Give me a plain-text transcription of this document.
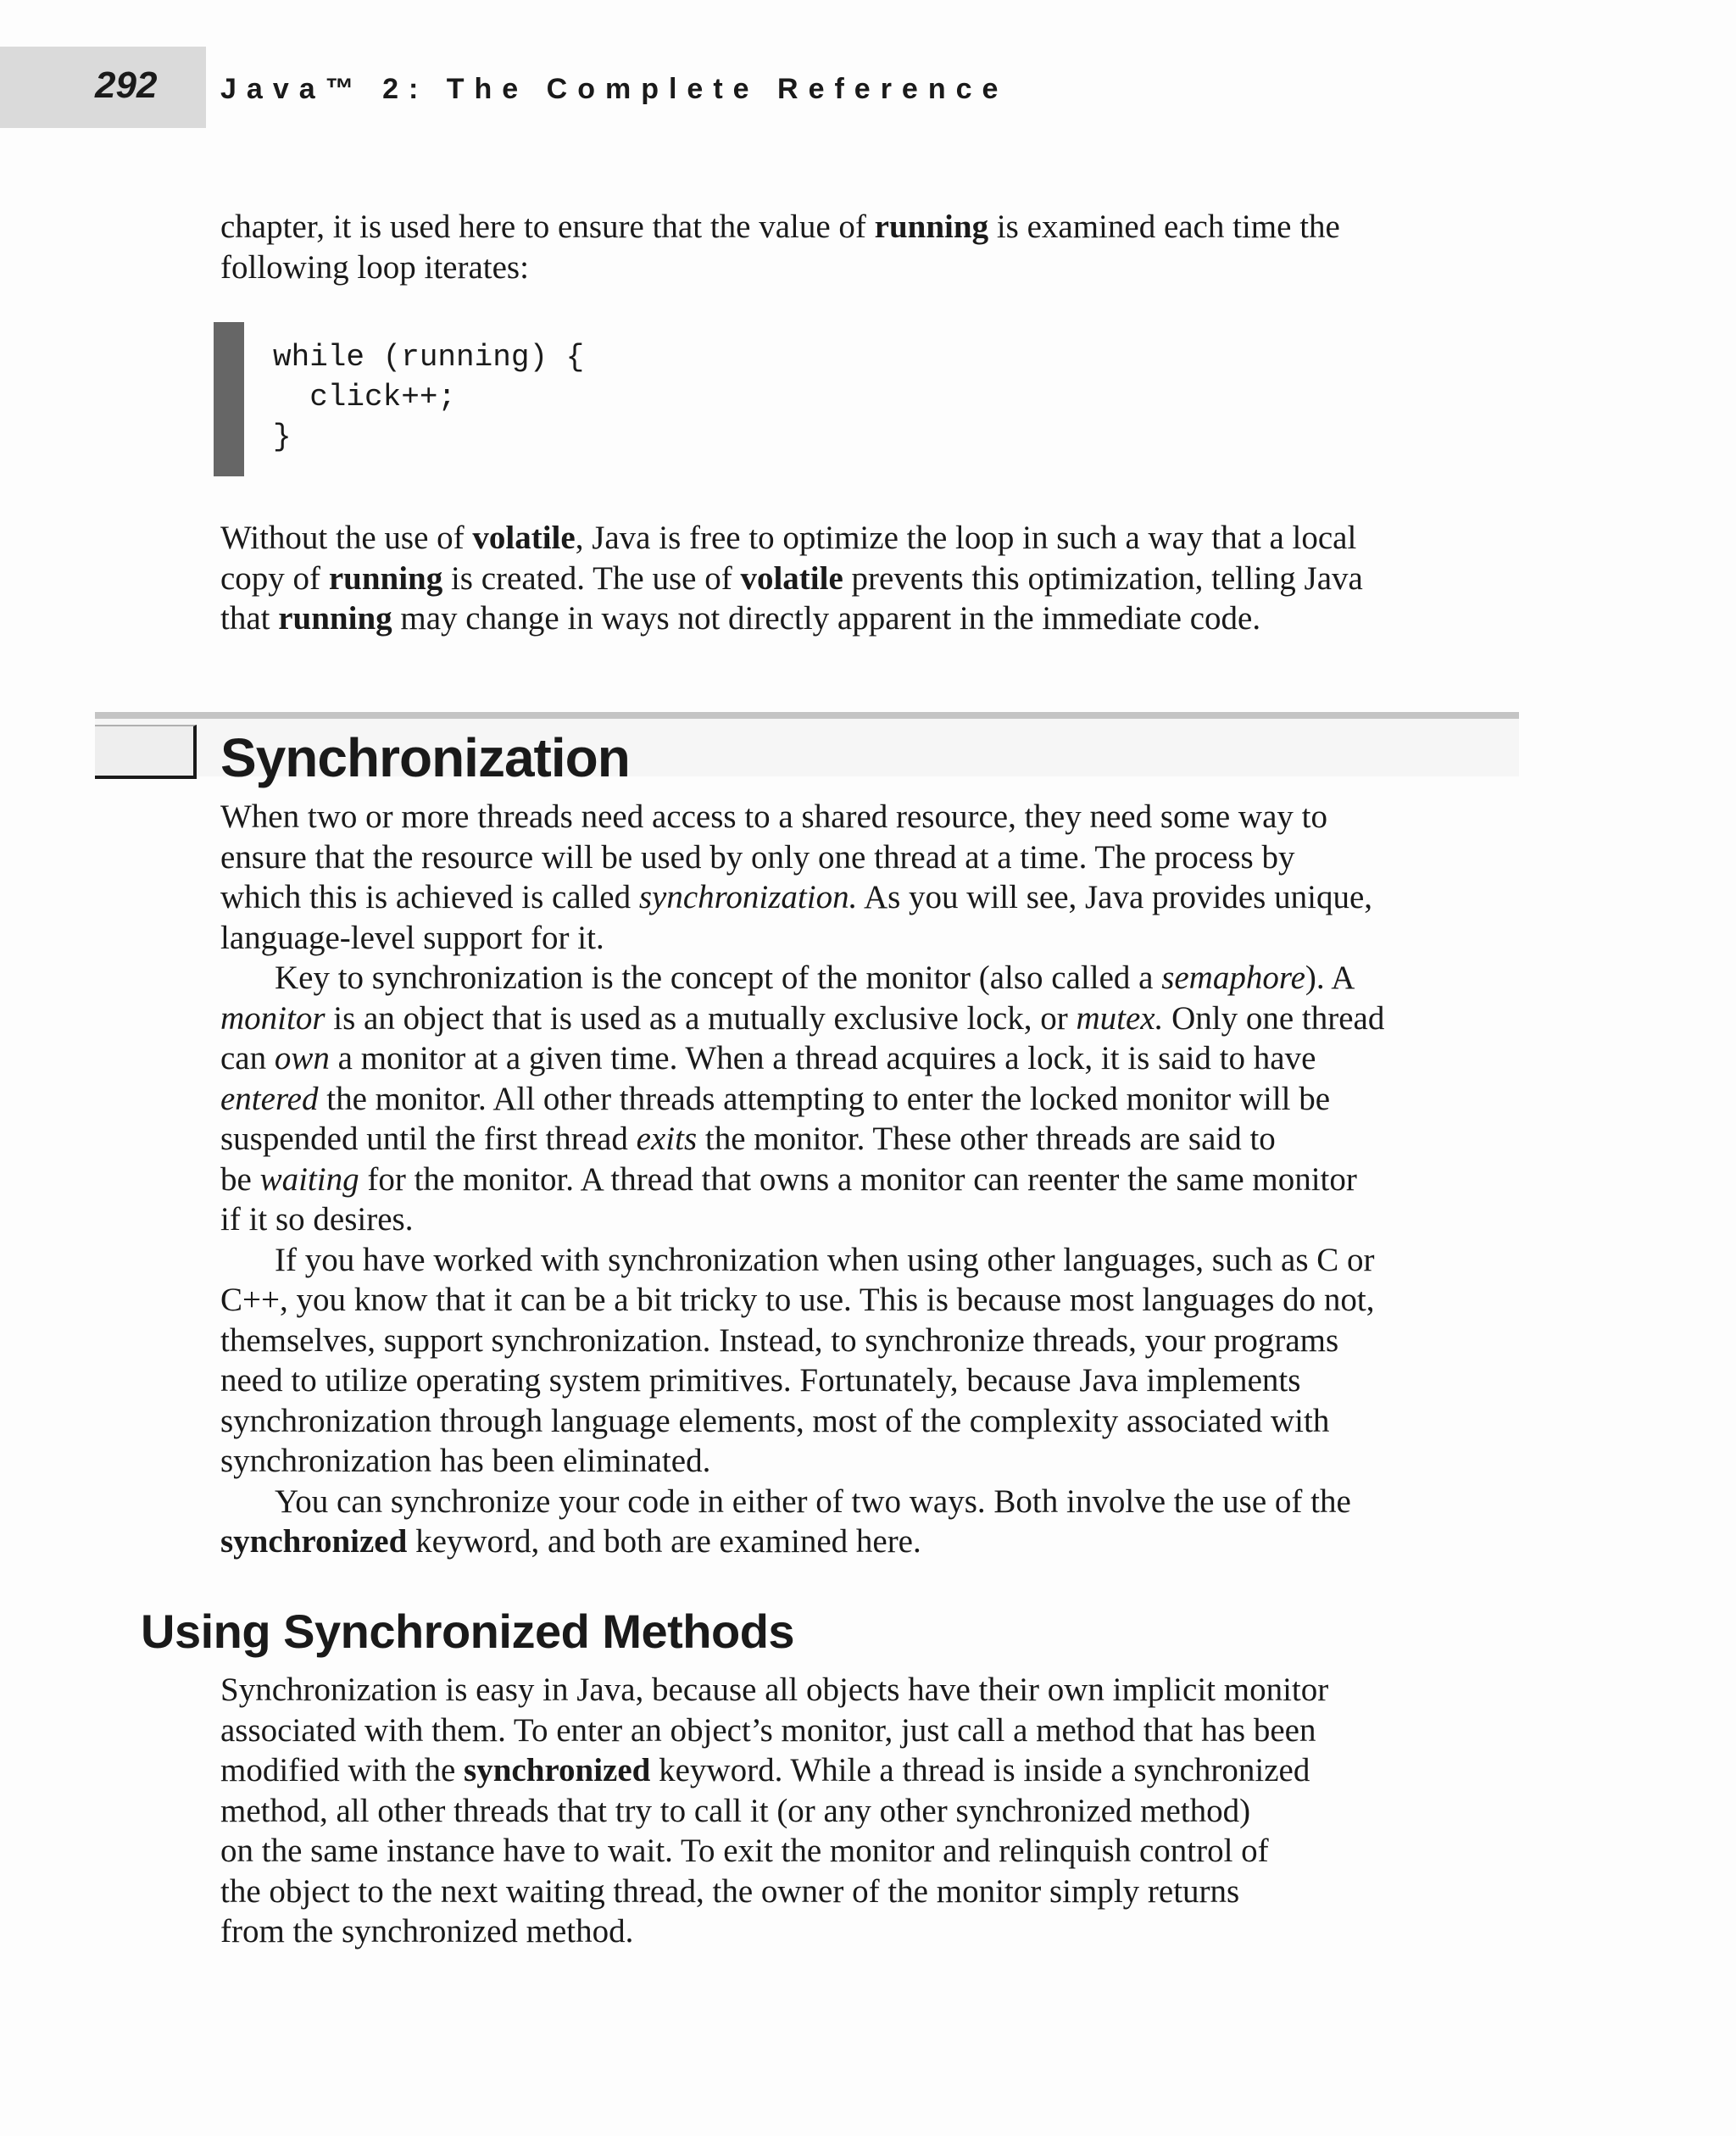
292 Java™ 2: The Complete Reference

chapter, it is used here to ensure that the value of running is examined each time the
following loop iterates:

while (running) {
click++;
}

Without the use of volatile, Java is free to optimize the loop in such a way that a local
copy of running is created. The use of volatile prevents this optimization, telling Java
that running may change in ways not directly apparent in the immediate code.

Synchronization
When two or more threads need access to a shared resource, they need some way to
ensure that the resource will be used by only one thread at a time. The process by
which this is achieved is called synchronization. As you will see, Java provides unique,
language-level support for it.
Key to synchronization is the concept of the monitor (also called a semaphore). A
monitor is an object that is used as a mutually exclusive lock, or mutex. Only one thread
can own a monitor at a given time. When a thread acquires a lock, it is said to have
entered the monitor. All other threads attempting to enter the locked monitor will be
suspended until the first thread exits the monitor. These other threads are said to
be waiting for the monitor. A thread that owns a monitor can reenter the same monitor
if it so desires.
If you have worked with synchronization when using other languages, such as C or
C++, you know that it can be a bit tricky to use. This is because most languages do not,
themselves, support synchronization. Instead, to synchronize threads, your programs
need to utilize operating system primitives. Fortunately, because Java implements
synchronization through language elements, most of the complexity associated with
synchronization has been eliminated.
You can synchronize your code in either of two ways. Both involve the use of the
synchronized keyword, and both are examined here.
Using Synchronized Methods
Synchronization is easy in Java, because all objects have their own implicit monitor
associated with them. To enter an object’s monitor, just call a method that has been
modified with the synchronized keyword. While a thread is inside a synchronized
method, all other threads that try to call it (or any other synchronized method)
on the same instance have to wait. To exit the monitor and relinquish control of
the object to the next waiting thread, the owner of the monitor simply returns
from the synchronized method.
